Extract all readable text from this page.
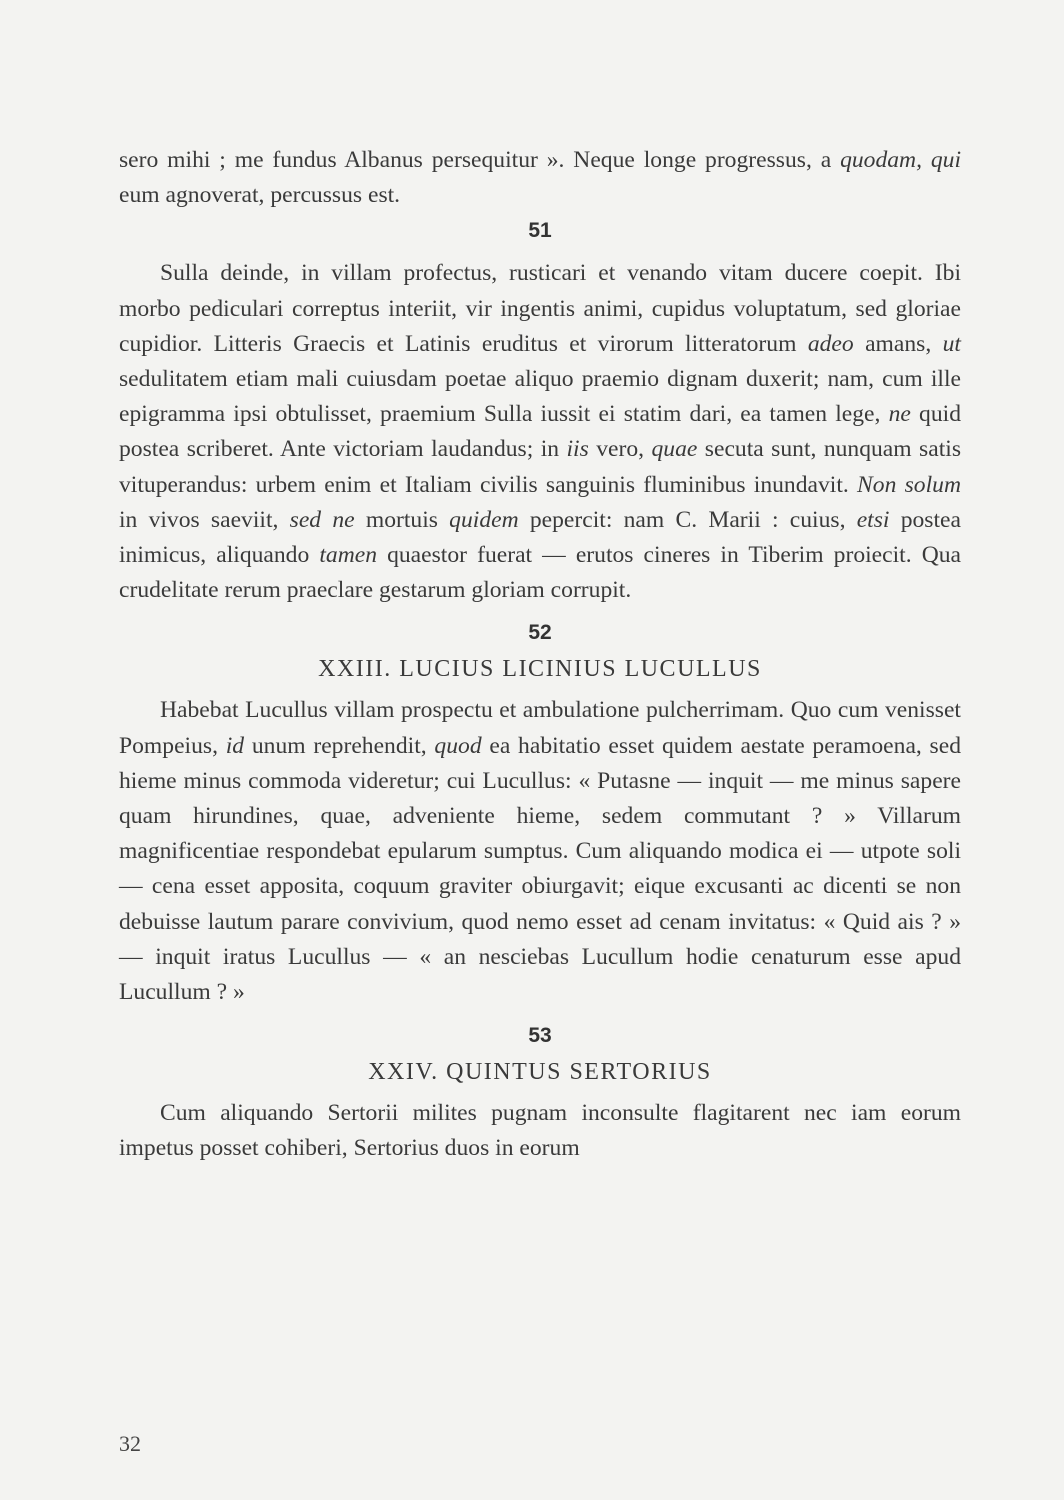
sero mihi ; me fundus Albanus persequitur ». Neque longe progressus, a quodam, qui eum agnoverat, percussus est.

51

Sulla deinde, in villam profectus, rusticari et venando vitam ducere coepit. Ibi morbo pediculari correptus interiit, vir ingentis animi, cupidus voluptatum, sed gloriae cupidior. Litteris Graecis et Latinis eruditus et virorum litteratorum adeo amans, ut sedulitatem etiam mali cuiusdam poetae aliquo praemio dignam duxerit; nam, cum ille epigramma ipsi obtulisset, praemium Sulla iussit ei statim dari, ea tamen lege, ne quid postea scriberet. Ante victoriam laudandus; in iis vero, quae secuta sunt, nunquam satis vituperandus: urbem enim et Italiam civilis sanguinis fluminibus inundavit. Non solum in vivos saeviit, sed ne mortuis quidem pepercit: nam C. Marii : cuius, etsi postea inimicus, aliquando tamen quaestor fuerat — erutos cineres in Tiberim proiecit. Qua crudelitate rerum praeclare gestarum gloriam corrupit.

52

XXIII. LUCIUS LICINIUS LUCULLUS

Habebat Lucullus villam prospectu et ambulatione pulcherrimam. Quo cum venisset Pompeius, id unum reprehendit, quod ea habitatio esset quidem aestate peramoena, sed hieme minus commoda videretur; cui Lucullus: « Putasne — inquit — me minus sapere quam hirundines, quae, adveniente hieme, sedem commutant ? » Villarum magnificentiae respondebat epularum sumptus. Cum aliquando modica ei — utpote soli — cena esset apposita, coquum graviter obiurgavit; eique excusanti ac dicenti se non debuisse lautum parare convivium, quod nemo esset ad cenam invitatus: « Quid ais ? » — inquit iratus Lucullus — « an nesciebas Lucullum hodie cenaturum esse apud Lucullum ? »

53

XXIV. QUINTUS SERTORIUS

Cum aliquando Sertorii milites pugnam inconsulte flagitarent nec iam eorum impetus posset cohiberi, Sertorius duos in eorum

32
